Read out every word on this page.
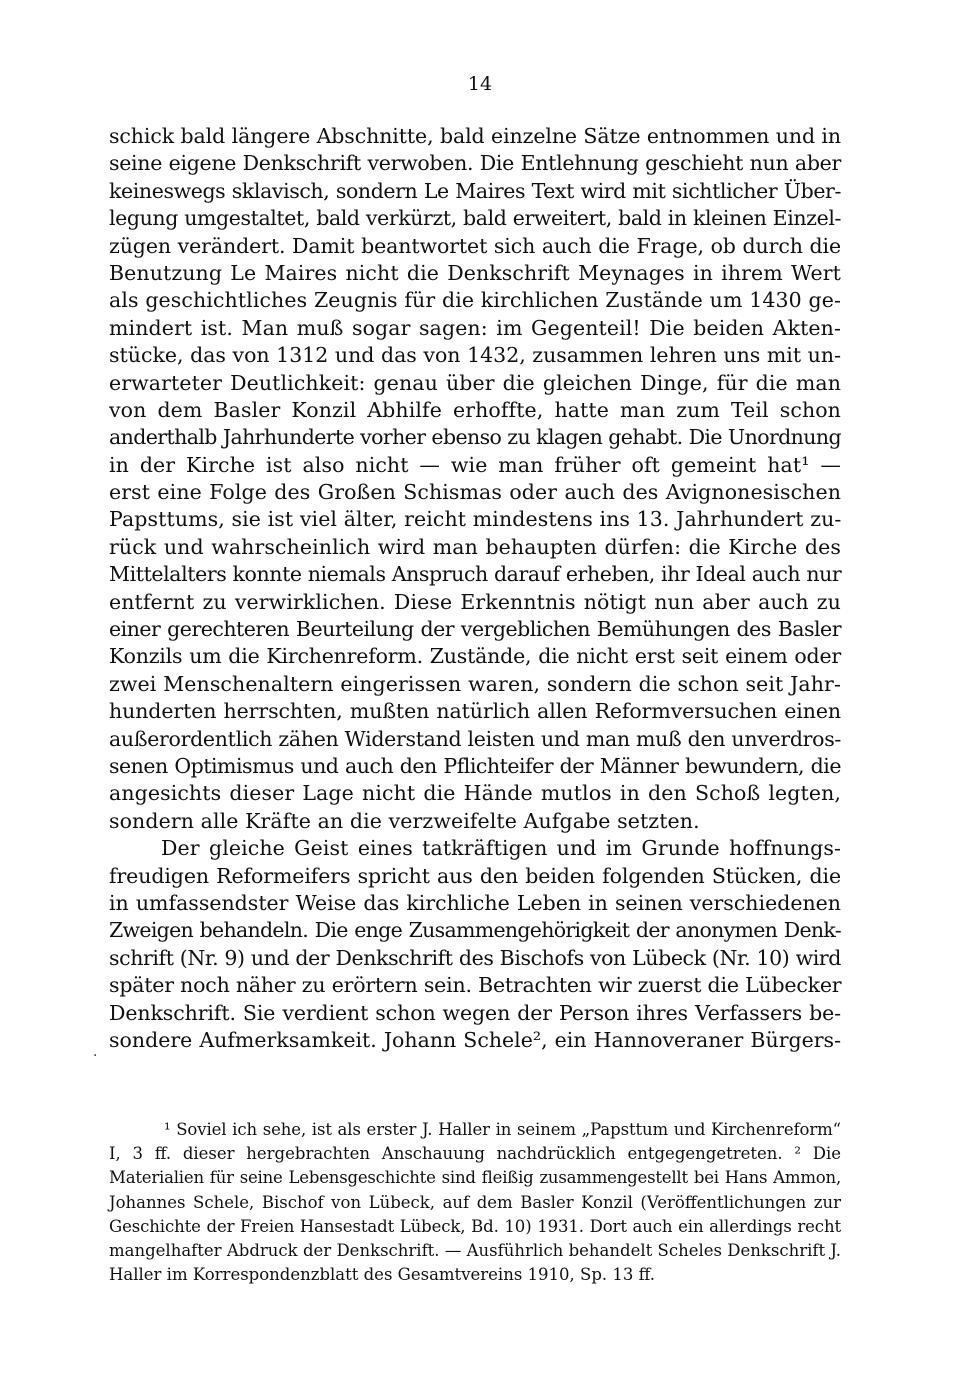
14
schick bald längere Abschnitte, bald einzelne Sätze entnommen und in
seine eigene Denkschrift verwoben. Die Entlehnung geschieht nun aber
keineswegs sklavisch, sondern Le Maires Text wird mit sichtlicher Über-
legung umgestaltet, bald verkürzt, bald erweitert, bald in kleinen Einzel-
zügen verändert. Damit beantwortet sich auch die Frage, ob durch die
Benutzung Le Maires nicht die Denkschrift Meynages in ihrem Wert
als geschichtliches Zeugnis für die kirchlichen Zustände um 1430 ge-
mindert ist. Man muß sogar sagen: im Gegenteil! Die beiden Akten-
stücke, das von 1312 und das von 1432, zusammen lehren uns mit un-
erwarteter Deutlichkeit: genau über die gleichen Dinge, für die man
von dem Basler Konzil Abhilfe erhoffte, hatte man zum Teil schon
anderthalb Jahrhunderte vorher ebenso zu klagen gehabt. Die Unordnung
in der Kirche ist also nicht — wie man früher oft gemeint hat¹ —
erst eine Folge des Großen Schismas oder auch des Avignonesischen
Papsttums, sie ist viel älter, reicht mindestens ins 13. Jahrhundert zu-
rück und wahrscheinlich wird man behaupten dürfen: die Kirche des
Mittelalters konnte niemals Anspruch darauf erheben, ihr Ideal auch nur
entfernt zu verwirklichen. Diese Erkenntnis nötigt nun aber auch zu
einer gerechteren Beurteilung der vergeblichen Bemühungen des Basler
Konzils um die Kirchenreform. Zustände, die nicht erst seit einem oder
zwei Menschenaltern eingerissen waren, sondern die schon seit Jahr-
hunderten herrschten, mußten natürlich allen Reformversuchen einen
außerordentlich zähen Widerstand leisten und man muß den unverdros-
senen Optimismus und auch den Pflichteifer der Männer bewundern, die
angesichts dieser Lage nicht die Hände mutlos in den Schoß legten,
sondern alle Kräfte an die verzweifelte Aufgabe setzten.
Der gleiche Geist eines tatkräftigen und im Grunde hoffnungs-
freudigen Reformeifers spricht aus den beiden folgenden Stücken, die
in umfassendster Weise das kirchliche Leben in seinen verschiedenen
Zweigen behandeln. Die enge Zusammengehörigkeit der anonymen Denk-
schrift (Nr. 9) und der Denkschrift des Bischofs von Lübeck (Nr. 10) wird
später noch näher zu erörtern sein. Betrachten wir zuerst die Lübecker
Denkschrift. Sie verdient schon wegen der Person ihres Verfassers be-
sondere Aufmerksamkeit. Johann Schele², ein Hannoveraner Bürgers-
·
¹ Soviel ich sehe, ist als erster J. Haller in seinem „Papsttum und Kirchenreform“
I, 3 ff. dieser hergebrachten Anschauung nachdrücklich entgegengetreten. ² Die
Materialien für seine Lebensgeschichte sind fleißig zusammengestellt bei Hans Ammon,
Johannes Schele, Bischof von Lübeck, auf dem Basler Konzil (Veröffentlichungen zur
Geschichte der Freien Hansestadt Lübeck, Bd. 10) 1931. Dort auch ein allerdings recht
mangelhafter Abdruck der Denkschrift. — Ausführlich behandelt Scheles Denkschrift J.
Haller im Korrespondenzblatt des Gesamtvereins 1910, Sp. 13 ff.
